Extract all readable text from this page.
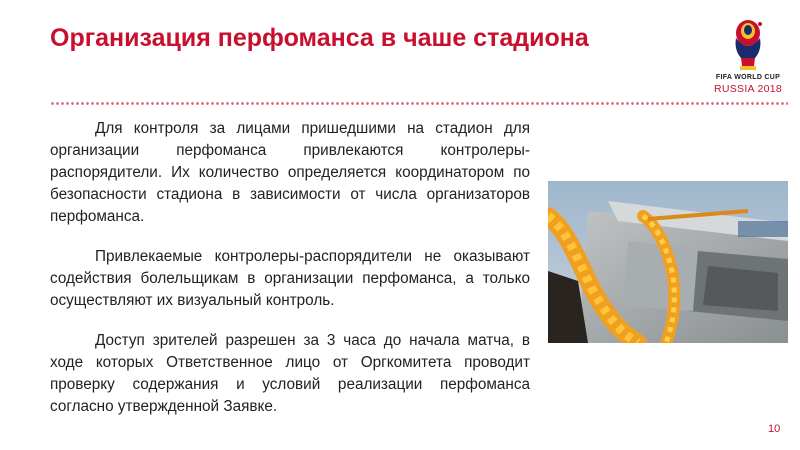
Организация перфоманса в чаше стадиона
FIFA WORLD CUP
RUSSIA 2018

Для контроля за лицами пришедшими на стадион для организации перфоманса привлекаются контролеры-распорядители. Их количество определяется координатором по безопасности стадиона в зависимости от числа организаторов перфоманса.

Привлекаемые контролеры-распорядители не оказывают содействия болельщикам в организации перфоманса, а только осуществляют их визуальный контроль.

Доступ зрителей разрешен за 3 часа до начала матча, в ходе которых Ответственное лицо от Оргкомитета проводит проверку содержания и условий реализации перфоманса согласно утвержденной Заявке.

10
